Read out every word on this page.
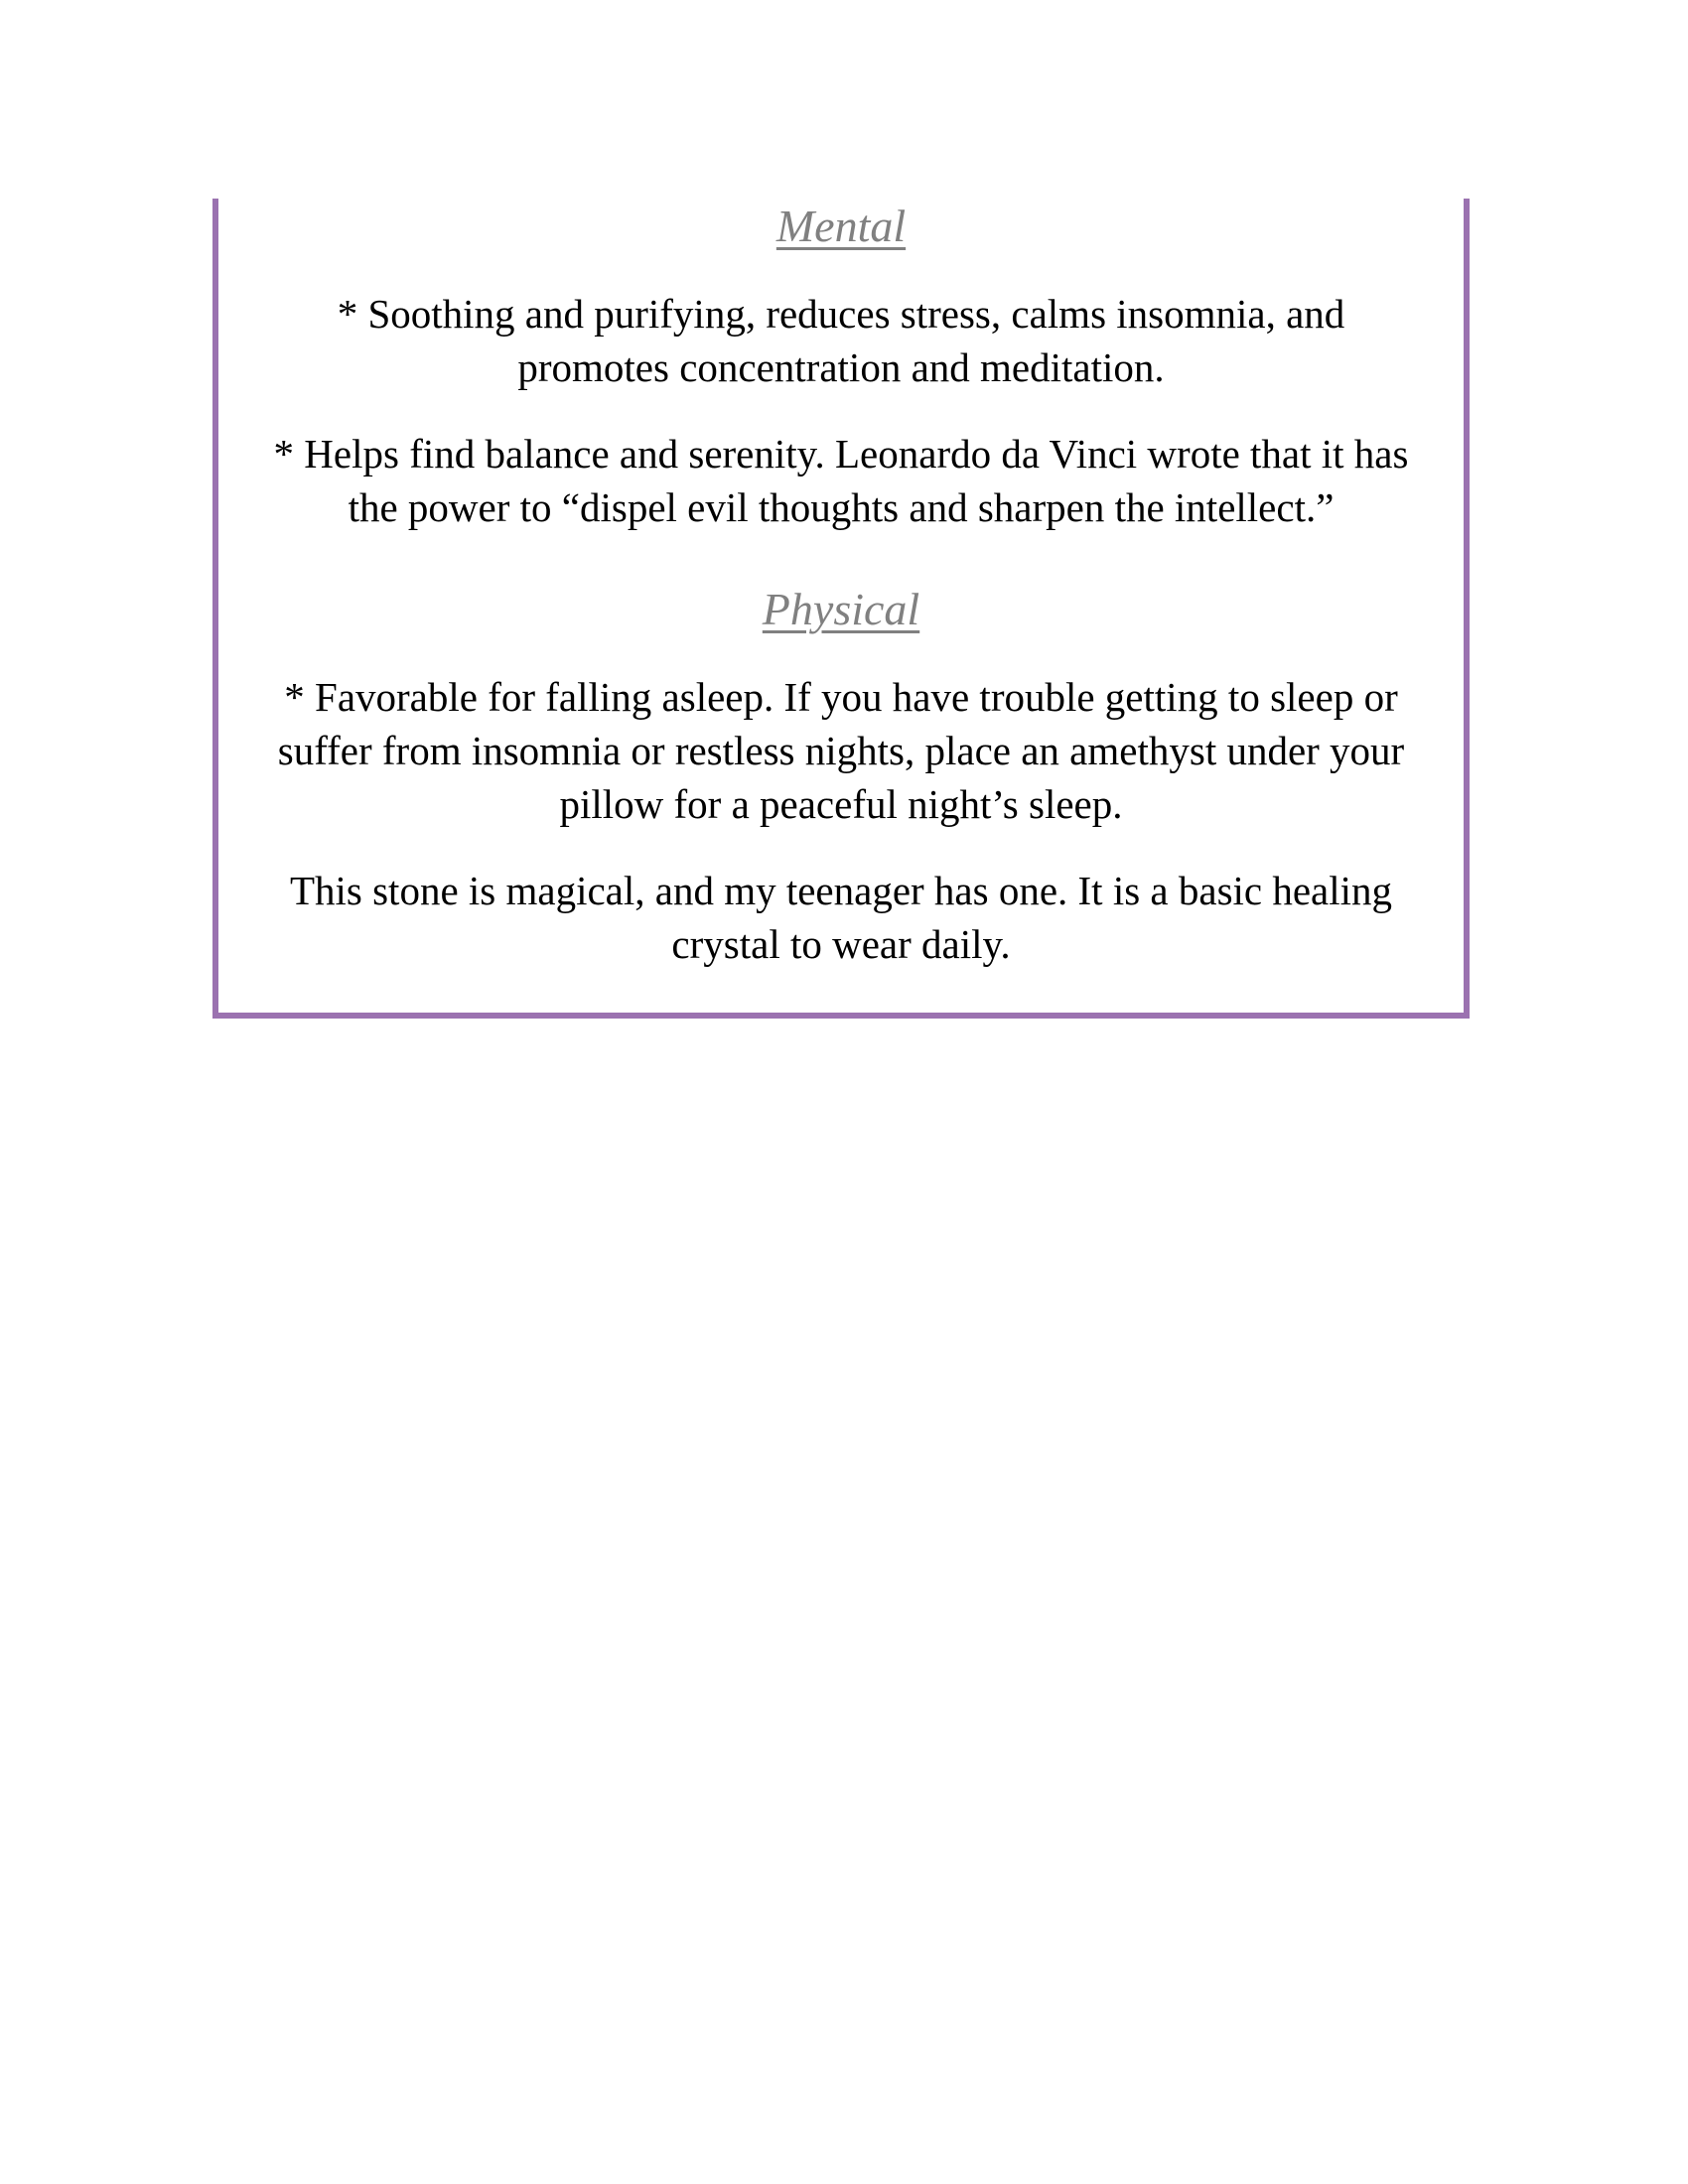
Mental
* Soothing and purifying, reduces stress, calms insomnia, and
promotes concentration and meditation.
* Helps find balance and serenity. Leonardo da Vinci wrote that it has
the power to “dispel evil thoughts and sharpen the intellect.”
Physical
* Favorable for falling asleep. If you have trouble getting to sleep or
suffer from insomnia or restless nights, place an amethyst under your
pillow for a peaceful night’s sleep.
This stone is magical, and my teenager has one. It is a basic healing
crystal to wear daily.
